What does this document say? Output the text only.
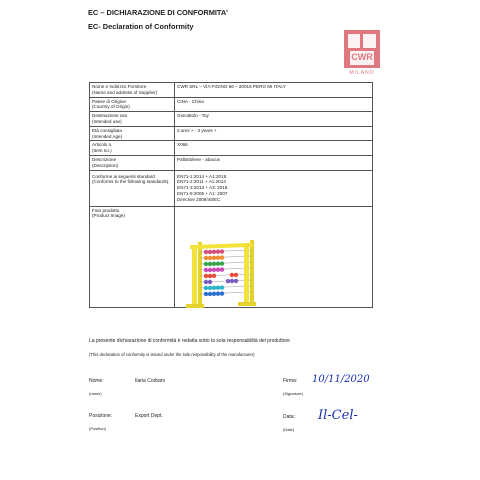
EC – DICHIARAZIONE DI CONFORMITA’
EC- Declaration of Conformity
CWR
MILANO
Nome e Indirizzo Fornitore
(Name and address of Supplier)	CWR SRL – VIA FIGINO 66 – 20016 PERO MI ITALY

Paese di Origine
(Country of Origin)	CINA - China

Destinazione uso
(Intended use)	Giocattolo - Toy

Età consigliata
(Intended Age)	3 anni + - 3 years +

Articolo n.
(Item no.)	X066

Descrizione
(Description)	Pallottoliere - abacus

Conforme ai seguenti standard
(Conforms to the following standards):	EN71-1:2014 + A1:2018
EN71-2:2011 + A1:2014
EN71-3:2013 + A3: 2018
EN71-9:2005 + A1: 2007
Directive 2009/48/EC

Foto prodotto
(Product Image)	

La presente dichiarazione di conformità è redatta sotto la sola responsabilità del produttore
(This declaration of conformity is issued under the sole responsibility of the manufacturer)
Nome:	Ilaria Corbani
(name)
Posizione:	Export Dept.
(Position)
Firma:
(Signature)
10/11/2020
Data:
(Date)
Il-Cel-
